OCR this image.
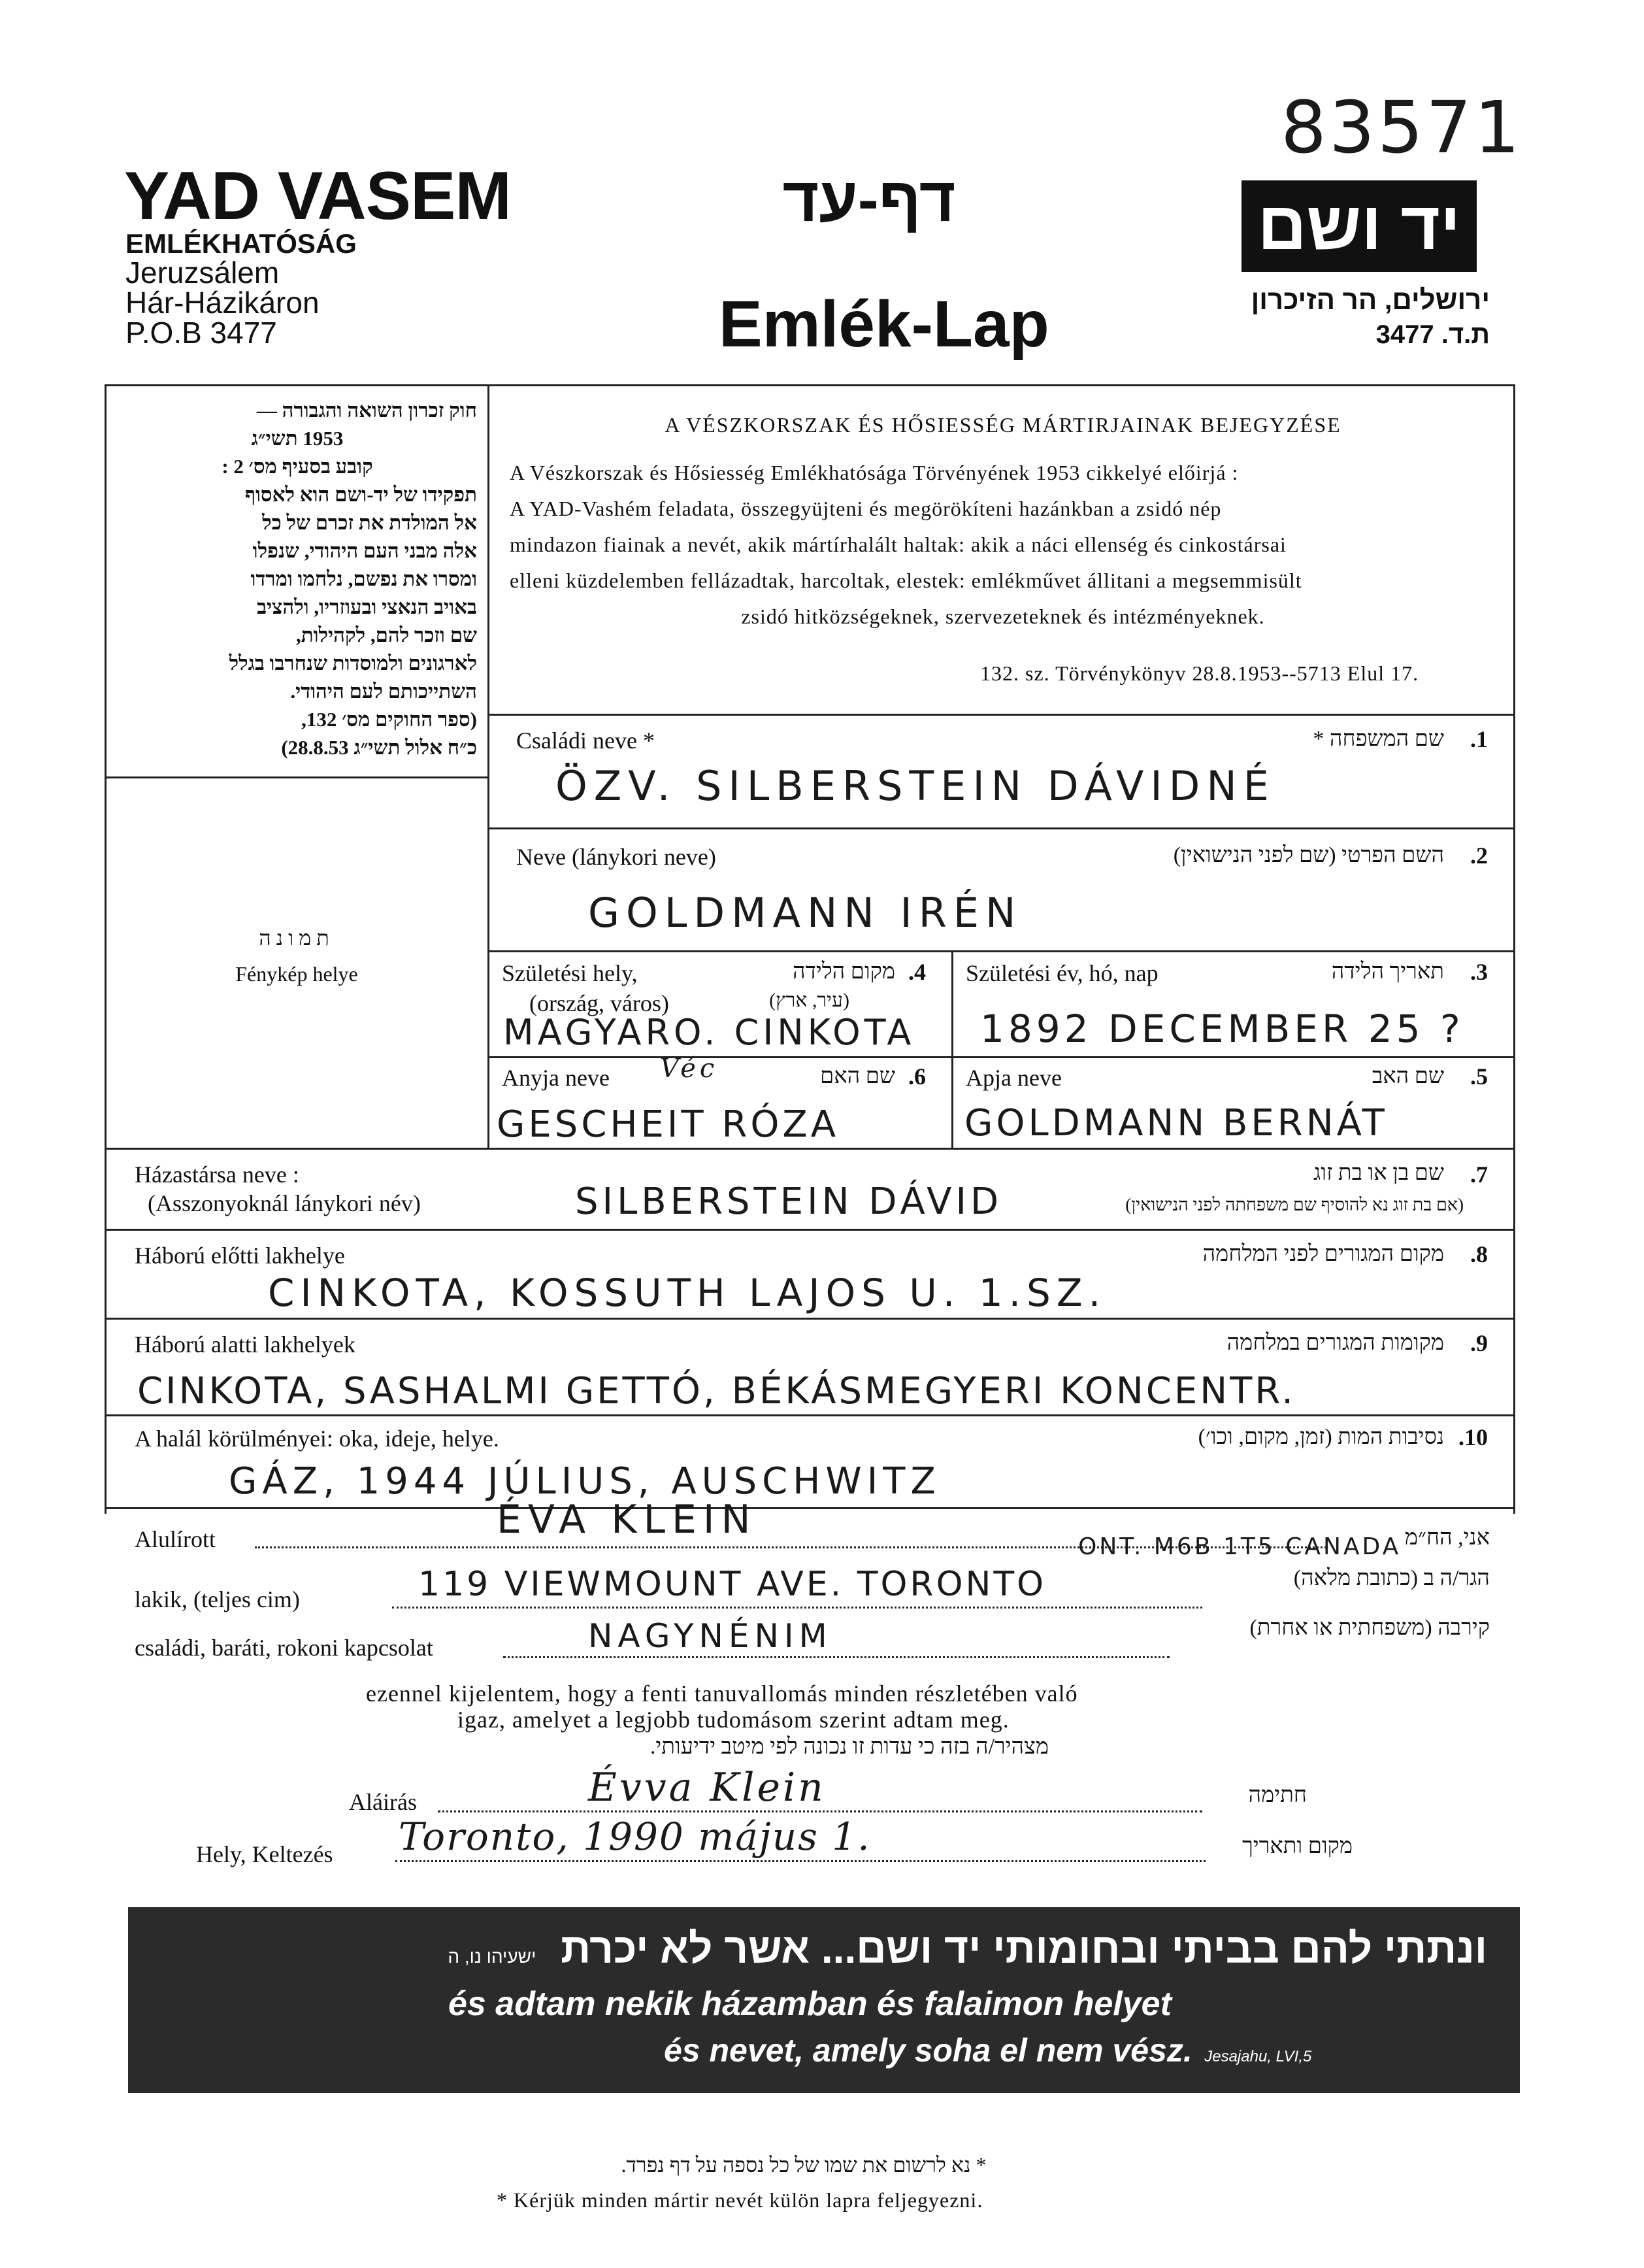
YAD VASEM
EMLÉKHATÓSÁG
Jeruzsálem
Hár-Házikáron
P.O.B 3477
דף-עד
Emlék-Lap
83571
יד ושם
ירושלים, הר הזיכרון
ת.ד. 3477
חוק זכרון השואה והגבורה —
1953 תשי״ג
קובע בסעיף מס׳ 2 :
תפקידו של יד-ושם הוא לאסוף
אל המולדת את זכרם של כל
אלה מבני העם היהודי, שנפלו
ומסרו את נפשם, נלחמו ומרדו
באויב הנאצי ובעוזריו, ולהציב
שם וזכר להם, לקהילות,
לארגונים ולמוסדות שנחרבו בגלל
השתייכותם לעם היהודי.
(ספר החוקים מס׳ 132,
כ״ח אלול תשי״ג 28.8.53)
תמונה
Fénykép helye
A VÉSZKORSZAK ÉS HŐSIESSÉG MÁRTIRJAINAK BEJEGYZÉSE
A Vészkorszak és Hősiesség Emlékhatósága Törvényének 1953 cikkelyé előirjá :
A YAD-Vashém feladata, összegyüjteni és megörökíteni hazánkban a zsidó nép
mindazon fiainak a nevét, akik mártírhalált haltak: akik a náci ellenség és cinkostársai
elleni küzdelemben fellázadtak, harcoltak, elestek: emlékművet állitani a megsemmisült
zsidó hitközségeknek, szervezeteknek és intézményeknek.
132. sz. Törvénykönyv 28.8.1953--5713 Elul 17.
Családi neve *	שם המשפחה * .1
ÖZV. SILBERSTEIN DÁVIDNÉ
Neve (lánykori neve)	השם הפרטי (שם לפני הנישואין) .2
GOLDMANN IRÉN
Születési hely,	מקום הלידה .4
(ország, város)	(עיר, ארץ)
MAGYARO. CINKOTA
Születési év, hó, nap	תאריך הלידה .3
1892 DECEMBER 25 ?
Anyja neve Véc	שם האם .6
GESCHEIT RÓZA
Apja neve	שם האב .5
GOLDMANN BERNÁT
Házastársa neve :
(Asszonyoknál lánykori név)
שם בן או בת זוג
(אם בת זוג נא להוסיף שם משפחתה לפני הנישואין)
.7
SILBERSTEIN DÁVID
Háború előtti lakhelye	מקום המגורים לפני המלחמה .8
CINKOTA, KOSSUTH LAJOS U. 1.SZ.
Háború alatti lakhelyek	מקומות המגורים במלחמה .9
CINKOTA, SASHALMI GETTÓ, BÉKÁSMEGYERI KONCENTR.
A halál körülményei: oka, ideje, helye.	נסיבות המות (זמן, מקום, וכו׳) .10
GÁZ, 1944 JÚLIUS, AUSCHWITZ
Alulírott	ÉVA KLEIN	אני, הח״מ
ONT. M6B 1T5 CANADA
lakik, (teljes cim)	119 VIEWMOUNT AVE. TORONTO	הגר/ה ב (כתובת מלאה)
családi, baráti, rokoni kapcsolat	NAGYNÉNIM	קירבה (משפחתית או אחרת)
ezennel kijelentem, hogy a fenti tanuvallomás minden részletében való
igaz, amelyet a legjobb tudomásom szerint adtam meg.
מצהיר/ה בזה כי עדות זו נכונה לפי מיטב ידיעותי.
Aláirás	Évva Klein	חתימה
Hely, Keltezés Toronto, 1990 május 1.	מקום ותאריך
ונתתי להם בביתי ובחומותי יד ושם... אשר לא יכרת ישעיהו נו, ה
és adtam nekik házamban és falaimon helyet
és nevet, amely soha el nem vész. Jesajahu, LVI,5
* נא לרשום את שמו של כל נספה על דף נפרד.
* Kérjük minden mártir nevét külön lapra feljegyezni.
